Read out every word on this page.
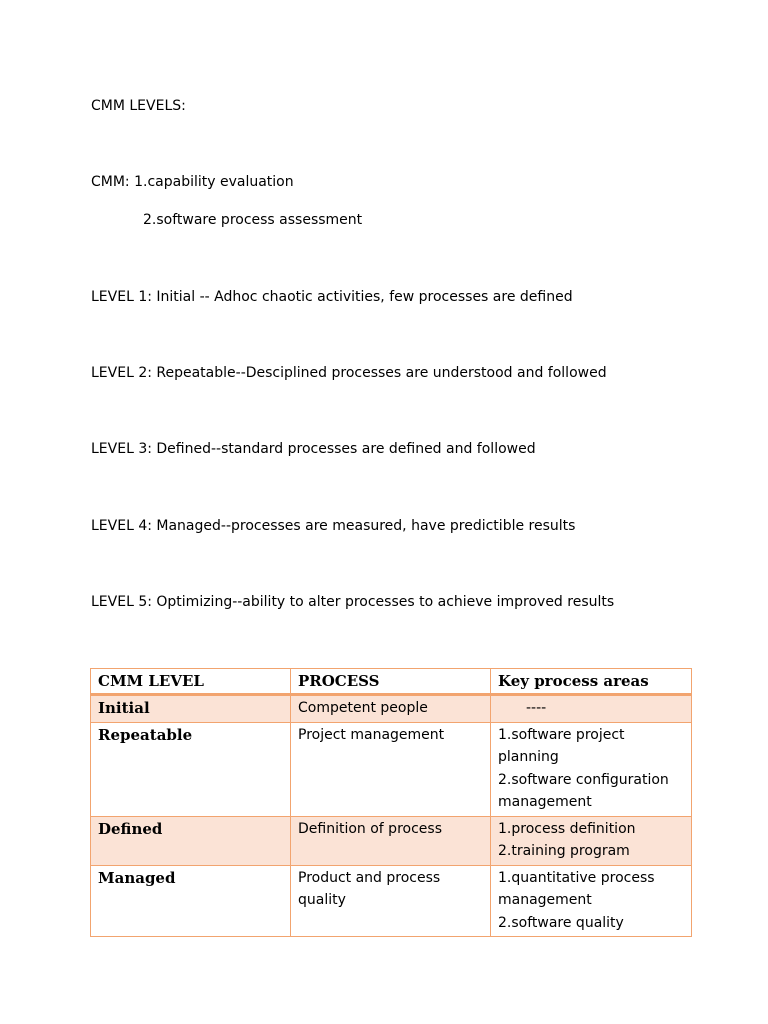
CMM LEVELS:
CMM: 1.capability evaluation
2.software process assessment
LEVEL 1: Initial -- Adhoc chaotic activities, few processes are defined
LEVEL 2: Repeatable--Desciplined processes are understood and followed
LEVEL 3: Defined--standard processes are defined and followed
LEVEL 4: Managed--processes are measured, have predictible results
LEVEL 5: Optimizing--ability to alter processes to achieve improved results
CMM LEVEL	PROCESS	Key process areas
Initial	Competent people	----

Repeatable	Project management	1.software project planning
2.software configuration management

Defined	Definition of process	1.process definition
2.training program

Managed	Product and process quality	1.quantitative process management
2.software quality
